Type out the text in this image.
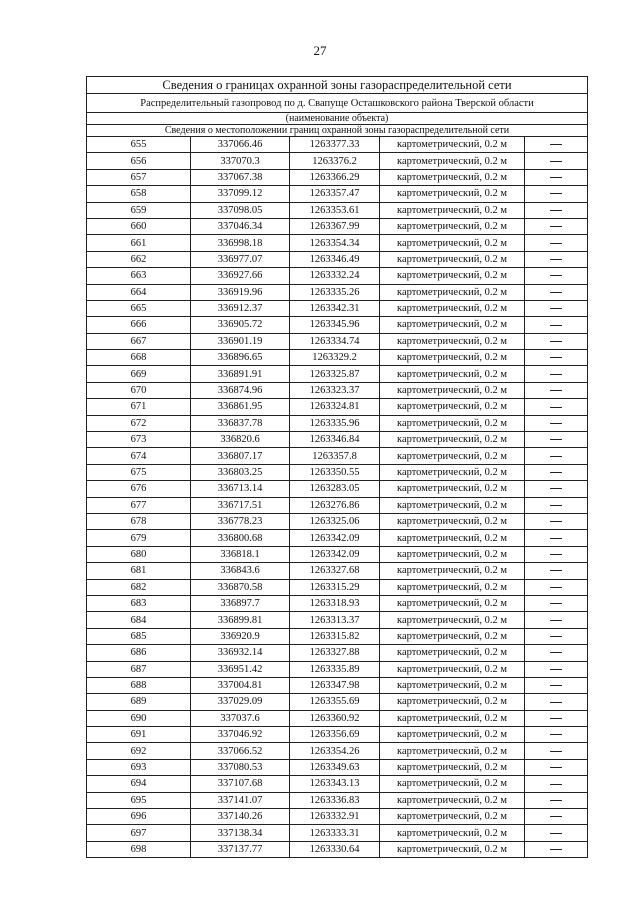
27
Сведения о границах охранной зоны газораспределительной сети				
Распределительный газопровод по д. Свапуще Осташковского района Тверской области				
(наименование объекта)				
Сведения о местоположении границ охранной зоны газораспределительной сети				
655	337066.46	1263377.33	картометрический, 0.2 м	
656	337070.3	1263376.2	картометрический, 0.2 м	
657	337067.38	1263366.29	картометрический, 0.2 м	
658	337099.12	1263357.47	картометрический, 0.2 м	
659	337098.05	1263353.61	картометрический, 0.2 м	
660	337046.34	1263367.99	картометрический, 0.2 м	
661	336998.18	1263354.34	картометрический, 0.2 м	
662	336977.07	1263346.49	картометрический, 0.2 м	
663	336927.66	1263332.24	картометрический, 0.2 м	
664	336919.96	1263335.26	картометрический, 0.2 м	
665	336912.37	1263342.31	картометрический, 0.2 м	
666	336905.72	1263345.96	картометрический, 0.2 м	
667	336901.19	1263334.74	картометрический, 0.2 м	
668	336896.65	1263329.2	картометрический, 0.2 м	
669	336891.91	1263325.87	картометрический, 0.2 м	
670	336874.96	1263323.37	картометрический, 0.2 м	
671	336861.95	1263324.81	картометрический, 0.2 м	
672	336837.78	1263335.96	картометрический, 0.2 м	
673	336820.6	1263346.84	картометрический, 0.2 м	
674	336807.17	1263357.8	картометрический, 0.2 м	
675	336803.25	1263350.55	картометрический, 0.2 м	
676	336713.14	1263283.05	картометрический, 0.2 м	
677	336717.51	1263276.86	картометрический, 0.2 м	
678	336778.23	1263325.06	картометрический, 0.2 м	
679	336800.68	1263342.09	картометрический, 0.2 м	
680	336818.1	1263342.09	картометрический, 0.2 м	
681	336843.6	1263327.68	картометрический, 0.2 м	
682	336870.58	1263315.29	картометрический, 0.2 м	
683	336897.7	1263318.93	картометрический, 0.2 м	
684	336899.81	1263313.37	картометрический, 0.2 м	
685	336920.9	1263315.82	картометрический, 0.2 м	
686	336932.14	1263327.88	картометрический, 0.2 м	
687	336951.42	1263335.89	картометрический, 0.2 м	
688	337004.81	1263347.98	картометрический, 0.2 м	
689	337029.09	1263355.69	картометрический, 0.2 м	
690	337037.6	1263360.92	картометрический, 0.2 м	
691	337046.92	1263356.69	картометрический, 0.2 м	
692	337066.52	1263354.26	картометрический, 0.2 м	
693	337080.53	1263349.63	картометрический, 0.2 м	
694	337107.68	1263343.13	картометрический, 0.2 м	
695	337141.07	1263336.83	картометрический, 0.2 м	
696	337140.26	1263332.91	картометрический, 0.2 м	
697	337138.34	1263333.31	картометрический, 0.2 м	
698	337137.77	1263330.64	картометрический, 0.2 м	
